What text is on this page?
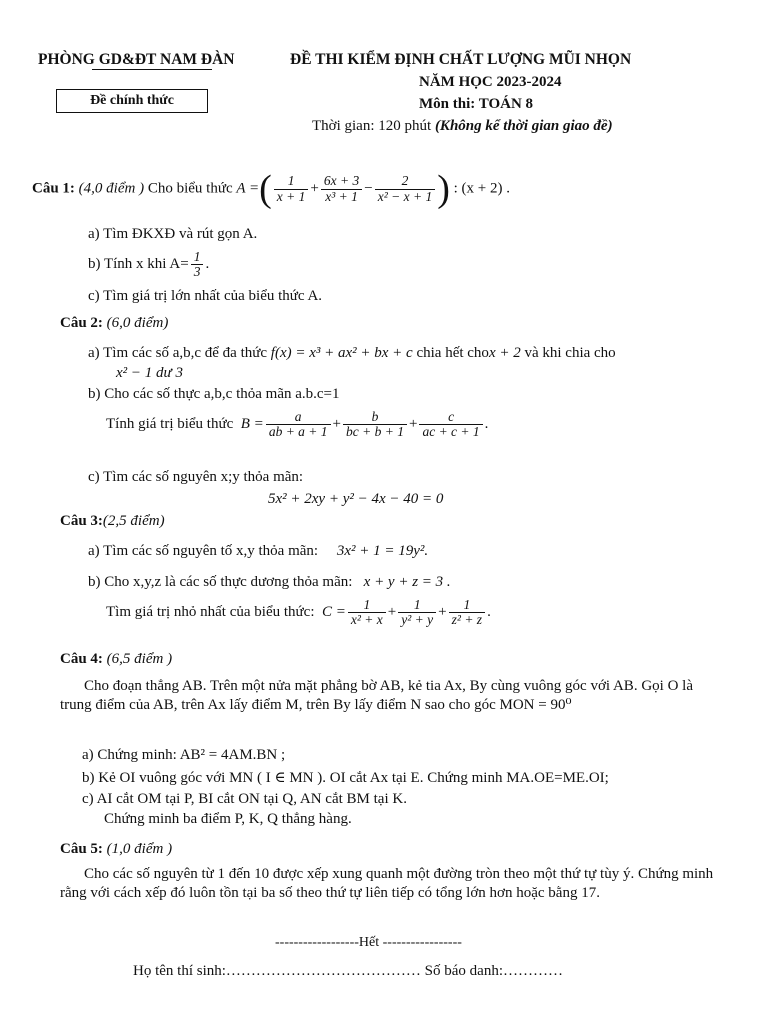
PHÒNG GD&ĐT NAM ĐÀN
Đề chính thức
ĐỀ THI KIỂM ĐỊNH CHẤT LƯỢNG MŨI NHỌN
NĂM HỌC 2023-2024
Môn thi: TOÁN 8
Thời gian: 120 phút (Không kể thời gian giao đề)
Câu 1: (4,0 điểm ) Cho biểu thức A =( $\frac{1}{x + 1} + \frac{6x + 3}{\text{x³ + 1}} - \frac{2}{\text{x² − x + 1}}$ ) : (x + 2) .
a) Tìm ĐKXĐ và rút gọn A.
b) Tính x khi $A= \frac{1}{3}$ .
c) Tìm giá trị lớn nhất của biểu thức A.
Câu 2: (6,0 điểm)
a) Tìm các số a,b,c để đa thức f(x) = x³ + ax² + bx + c chia hết chox + 2 và khi chia cho
x² − 1 dư 3
b) Cho các số thực a,b,c thỏa mãn a.b.c=1
Tính giá trị biểu thức $B = \frac{a}{ab + a + 1} + \frac{b}{bc + b + 1} + \frac{c}{ac + c + 1}$ .
c) Tìm các số nguyên x;y thỏa mãn:
5x² + 2xy + y² − 4x − 40 = 0
Câu 3:(2,5 điểm)
a) Tìm các số nguyên tố x,y thỏa mãn: 3x² + 1 = 19y².
b) Cho x,y,z là các số thực dương thỏa mãn: x + y + z = 3 .
Tìm giá trị nhỏ nhất của biểu thức: $C = \frac{1}{\text{x² + x}} + \frac{1}{\text{y² + y}} + \frac{1}{\text{z² + z}}$ .
Câu 4: (6,5 điểm )
Cho đoạn thẳng AB. Trên một nửa mặt phẳng bờ AB, kẻ tia Ax, By cùng vuông góc với AB. Gọi O là trung điểm của AB, trên Ax lấy điểm M, trên By lấy điểm N sao cho góc MON = 90⁰
a) Chứng minh: AB² = 4AM.BN ;
b) Kẻ OI vuông góc với MN ( I ∈ MN ). OI cắt Ax tại E. Chứng minh MA.OE=ME.OI;
c) AI cắt OM tại P, BI cắt ON tại Q, AN cắt BM tại K.
Chứng minh ba điểm P, K, Q thẳng hàng.
Câu 5: (1,0 điểm )
Cho các số nguyên từ 1 đến 10 được xếp xung quanh một đường tròn theo một thứ tự tùy ý. Chứng minh rằng với cách xếp đó luôn tồn tại ba số theo thứ tự liên tiếp có tổng lớn hơn hoặc bằng 17.
------------------Hết -----------------
Họ tên thí sinh:………………………………… Số báo danh:…………
